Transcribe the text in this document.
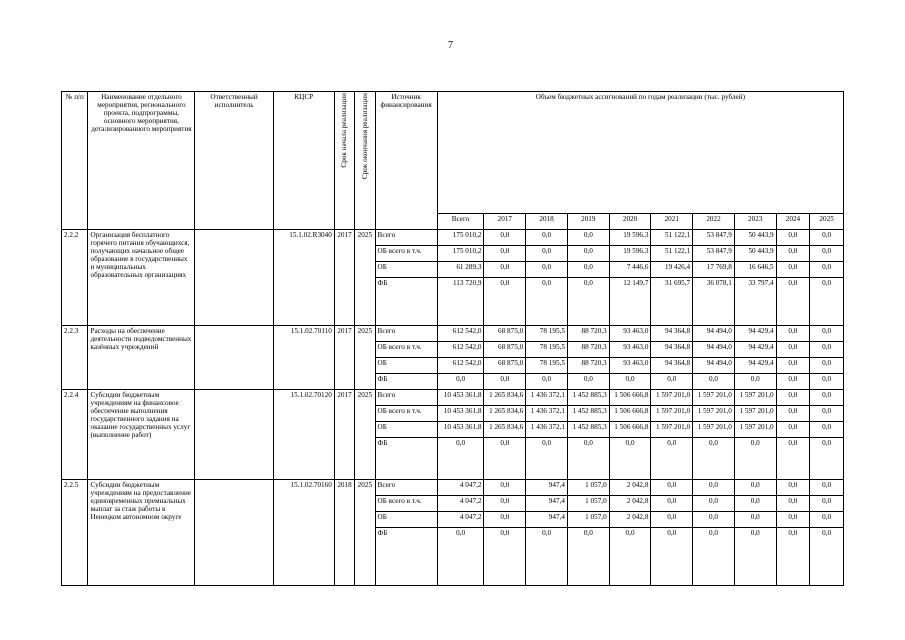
7
№ п/п	Наименование отдельного мероприятия, регионального проекта, подпрограммы, основного мероприятия, детализированного мероприятия	Ответственный исполнитель	КЦСР	Срок начала реализации	Срок окончания реализации	Источник финансирования	Объем бюджетных ассигнований по годам реализации (тыс. рублей)									
							Всего	2017	2018	2019	2020	2021	2022	2023	2024	2025
2.2.2	Организация бесплатного горячего питания обучающихся, получающих начальное общее образование в государственных и муниципальных образовательных организациях		15.1.02.R3040	2017	2025	Всего	175 010,2	0,0	0,0	0,0	19 596,3	51 122,1	53 847,9	50 443,9	0,0	0,0
						ОБ всего в т.ч.	175 010,2	0,0	0,0	0,0	19 596,3	51 122,1	53 847,9	50 443,9	0,0	0,0
						ОБ	61 289,3	0,0	0,0	0,0	7 446,6	19 426,4	17 769,8	16 646,5	0,0	0,0
						ФБ	113 720,9	0,0	0,0	0,0	12 149,7	31 695,7	36 078,1	33 797,4	0,0	0,0
2.2.3	Расходы на обеспечение деятельности подведомственных казённых учреждений		15.1.02.70110	2017	2025	Всего	612 542,0	68 875,0	78 195,5	88 720,3	93 463,0	94 364,8	94 494,0	94 429,4	0,0	0,0
						ОБ всего в т.ч.	612 542,0	68 875,0	78 195,5	88 720,3	93 463,0	94 364,8	94 494,0	94 429,4	0,0	0,0
						ОБ	612 542,0	68 875,0	78 195,5	88 720,3	93 463,0	94 364,8	94 494,0	94 429,4	0,0	0,0
						ФБ	0,0	0,0	0,0	0,0	0,0	0,0	0,0	0,0	0,0	0,0
2.2.4	Субсидии бюджетным учреждениям на финансовое обеспечение выполнения государственного задания на оказание государственных услуг (выполнение работ)		15.1.02.70120	2017	2025	Всего	10 453 361,8	1 265 834,6	1 436 372,1	1 452 885,3	1 506 666,8	1 597 201,0	1 597 201,0	1 597 201,0	0,0	0,0
						ОБ всего в т.ч.	10 453 361,8	1 265 834,6	1 436 372,1	1 452 885,3	1 506 666,8	1 597 201,0	1 597 201,0	1 597 201,0	0,0	0,0
						ОБ	10 453 361,8	1 265 834,6	1 436 372,1	1 452 885,3	1 506 666,8	1 597 201,0	1 597 201,0	1 597 201,0	0,0	0,0
						ФБ	0,0	0,0	0,0	0,0	0,0	0,0	0,0	0,0	0,0	0,0
2.2.5	Субсидии бюджетным учреждениям на предоставление единовременных премиальных выплат за стаж работы в Ненецком автономном округе		15.1.02.70160	2018	2025	Всего	4 047,2	0,0	947,4	1 057,0	2 042,8	0,0	0,0	0,0	0,0	0,0
						ОБ всего в т.ч.	4 047,2	0,0	947,4	1 057,0	2 042,8	0,0	0,0	0,0	0,0	0,0
						ОБ	4 047,2	0,0	947,4	1 057,0	2 042,8	0,0	0,0	0,0	0,0	0,0
						ФБ	0,0	0,0	0,0	0,0	0,0	0,0	0,0	0,0	0,0	0,0
